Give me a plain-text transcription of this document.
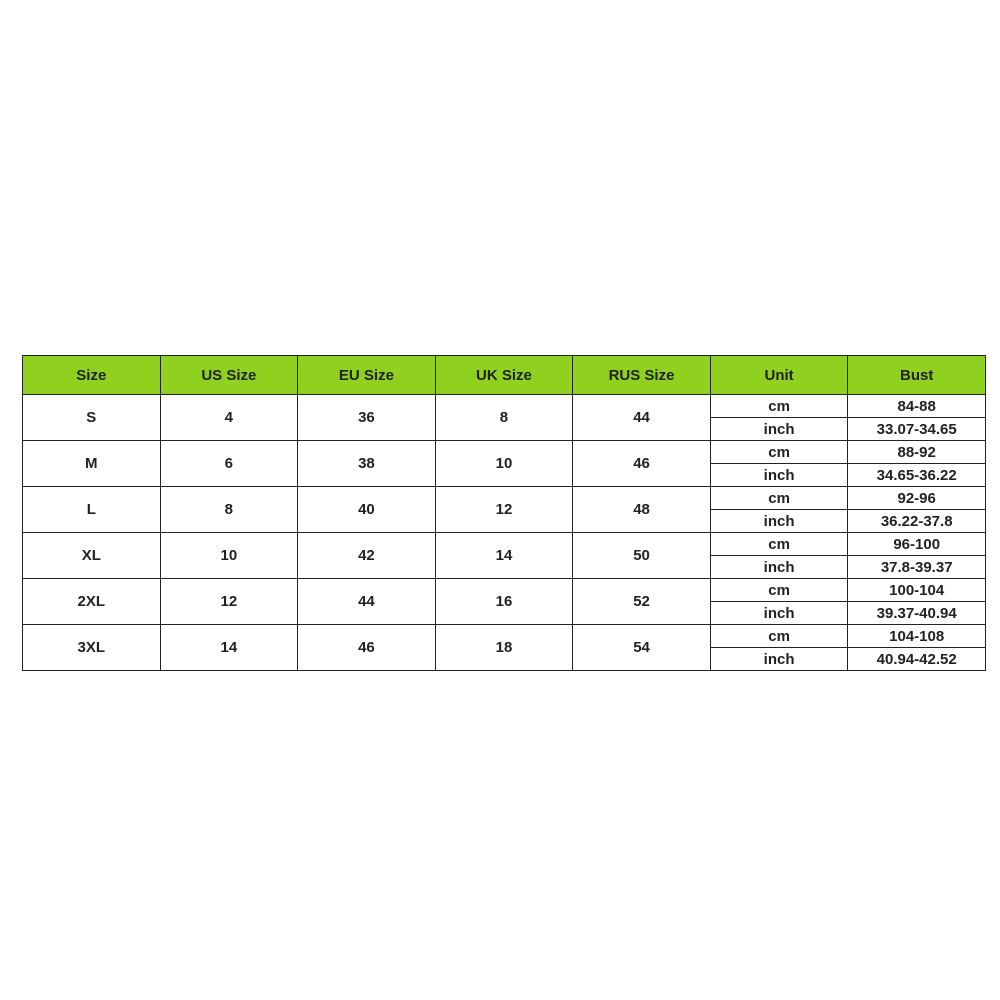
Size	US Size	EU Size	UK Size	RUS Size	Unit	Bust
S	4	36	8	44	cm	84-88
					inch	33.07-34.65
M	6	38	10	46	cm	88-92
					inch	34.65-36.22
L	8	40	12	48	cm	92-96
					inch	36.22-37.8
XL	10	42	14	50	cm	96-100
					inch	37.8-39.37
2XL	12	44	16	52	cm	100-104
					inch	39.37-40.94
3XL	14	46	18	54	cm	104-108
					inch	40.94-42.52
